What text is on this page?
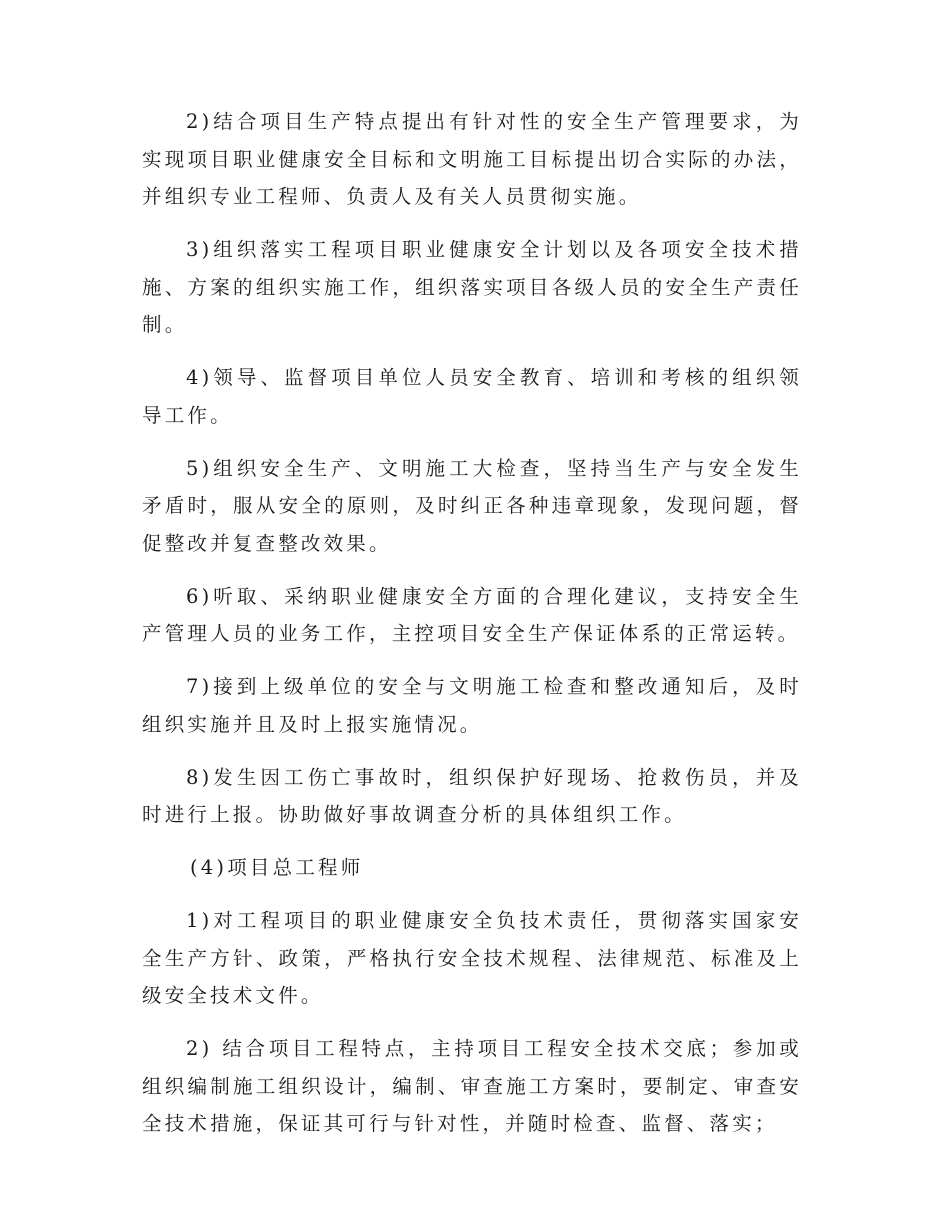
2)结合项目生产特点提出有针对性的安全生产管理要求，为实现项目职业健康安全目标和文明施工目标提出切合实际的办法，并组织专业工程师、负责人及有关人员贯彻实施。

3)组织落实工程项目职业健康安全计划以及各项安全技术措施、方案的组织实施工作，组织落实项目各级人员的安全生产责任制。

4)领导、监督项目单位人员安全教育、培训和考核的组织领导工作。

5)组织安全生产、文明施工大检查，坚持当生产与安全发生矛盾时，服从安全的原则，及时纠正各种违章现象，发现问题，督促整改并复查整改效果。

6)听取、采纳职业健康安全方面的合理化建议，支持安全生产管理人员的业务工作，主控项目安全生产保证体系的正常运转。

7)接到上级单位的安全与文明施工检查和整改通知后，及时组织实施并且及时上报实施情况。

8)发生因工伤亡事故时，组织保护好现场、抢救伤员，并及时进行上报。协助做好事故调查分析的具体组织工作。

(4)项目总工程师

1)对工程项目的职业健康安全负技术责任，贯彻落实国家安全生产方针、政策，严格执行安全技术规程、法律规范、标准及上级安全技术文件。

2) 结合项目工程特点，主持项目工程安全技术交底；参加或组织编制施工组织设计，编制、审查施工方案时，要制定、审查安全技术措施，保证其可行与针对性，并随时检查、监督、落实；
